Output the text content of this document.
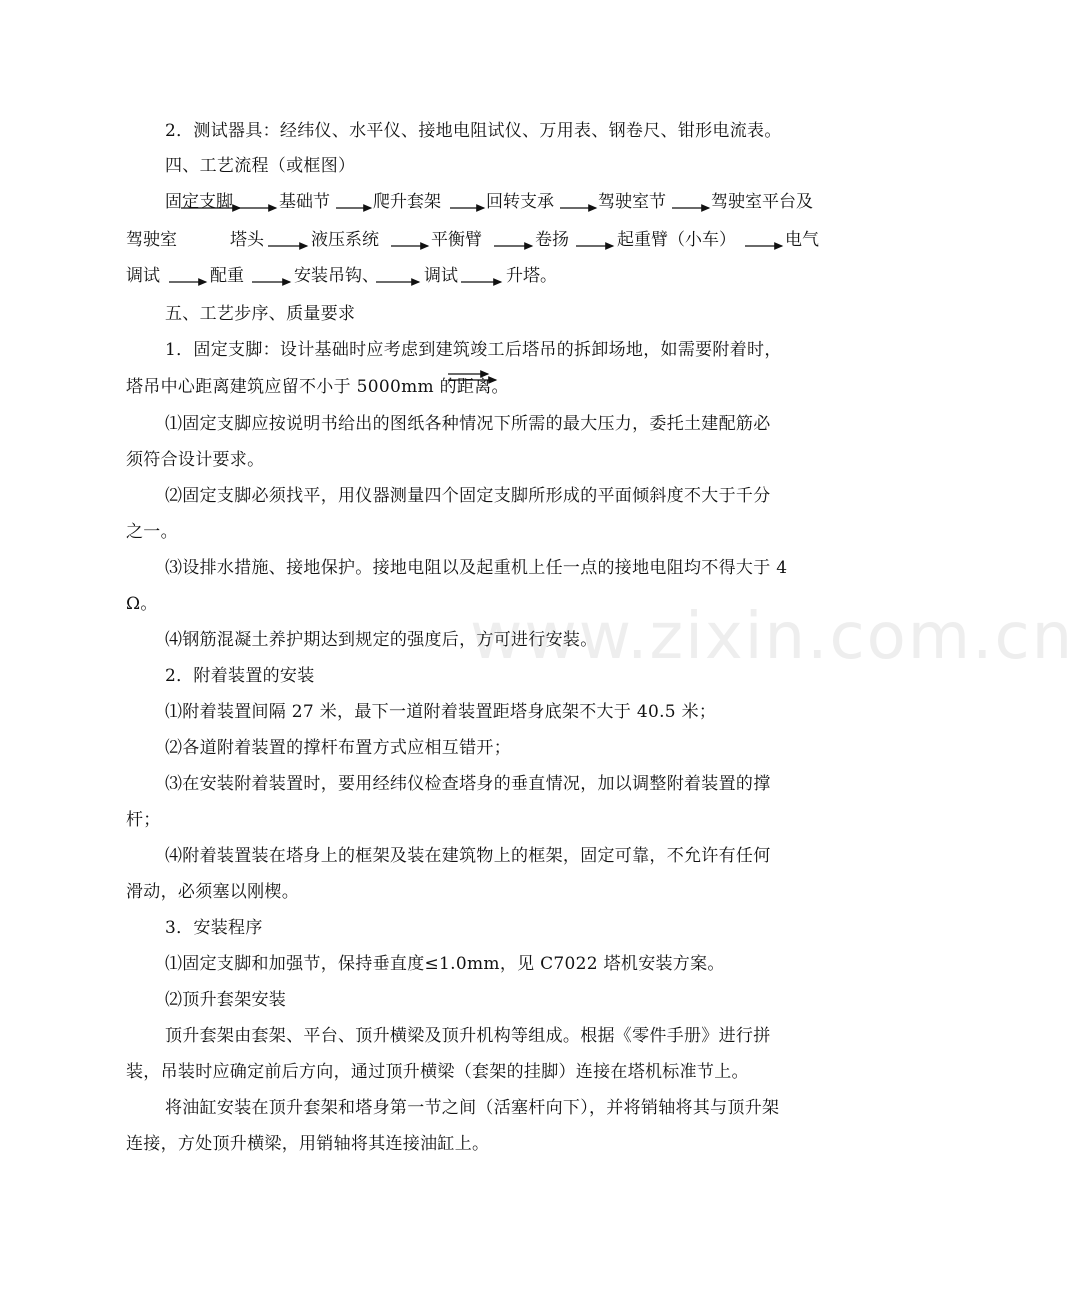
www.zixin.com.cn
2．测试器具：经纬仪、水平仪、接地电阻试仪、万用表、钢卷尺、钳形电流表。
四、工艺流程（或框图）
固定支脚	基础节	爬升套架	回转支承	驾驶室节	驾驶室平台及
驾驶室	塔头	液压系统	平衡臂	卷扬	起重臂（小车）	电气
调试	配重	安装吊钩、	调试	升塔。
五、工艺步序、质量要求
1．固定支脚：设计基础时应考虑到建筑竣工后塔吊的拆卸场地，如需要附着时，
塔吊中心距离建筑应留不小于 5000mm 的距离。
⑴固定支脚应按说明书给出的图纸各种情况下所需的最大压力，委托土建配筋必
须符合设计要求。
⑵固定支脚必须找平，用仪器测量四个固定支脚所形成的平面倾斜度不大于千分
之一。
⑶设排水措施、接地保护。接地电阻以及起重机上任一点的接地电阻均不得大于 4
Ω。
⑷钢筋混凝土养护期达到规定的强度后，方可进行安装。
2．附着装置的安装
⑴附着装置间隔 27 米，最下一道附着装置距塔身底架不大于 40.5 米；
⑵各道附着装置的撑杆布置方式应相互错开；
⑶在安装附着装置时，要用经纬仪检查塔身的垂直情况，加以调整附着装置的撑
杆；
⑷附着装置装在塔身上的框架及装在建筑物上的框架，固定可靠，不允许有任何
滑动，必须塞以刚楔。
3．安装程序
⑴固定支脚和加强节，保持垂直度≤1.0mm，见 C7022 塔机安装方案。
⑵顶升套架安装
顶升套架由套架、平台、顶升横梁及顶升机构等组成。根据《零件手册》进行拼
装，吊装时应确定前后方向，通过顶升横梁（套架的挂脚）连接在塔机标准节上。
将油缸安装在顶升套架和塔身第一节之间（活塞杆向下），并将销轴将其与顶升架
连接，方处顶升横梁，用销轴将其连接油缸上。
